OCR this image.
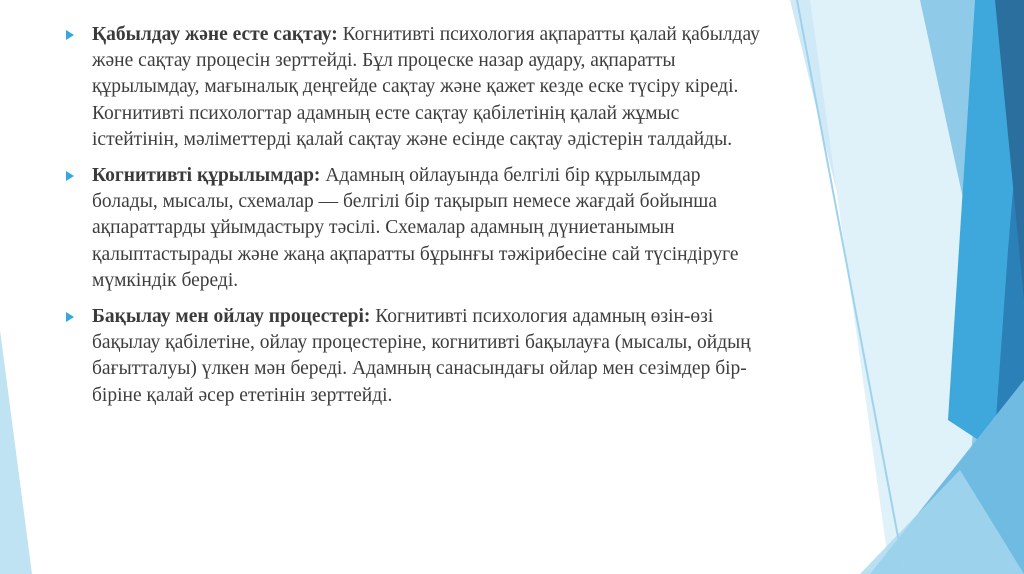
Қабылдау және есте сақтау: Когнитивті психология ақпаратты қалай қабылдау және сақтау процесін зерттейді. Бұл процеске назар аудару, ақпаратты құрылымдау, мағыналық деңгейде сақтау және қажет кезде еске түсіру кіреді. Когнитивті психологтар адамның есте сақтау қабілетінің қалай жұмыс істейтінін, мәліметтерді қалай сақтау және есінде сақтау әдістерін талдайды.
Когнитивті құрылымдар: Адамның ойлауында белгілі бір құрылымдар болады, мысалы, схемалар — белгілі бір тақырып немесе жағдай бойынша ақпараттарды ұйымдастыру тәсілі. Схемалар адамның дүниетанымын қалыптастырады және жаңа ақпаратты бұрынғы тәжірибесіне сай түсіндіруге мүмкіндік береді.
Бақылау мен ойлау процестері: Когнитивті психология адамның өзін-өзі бақылау қабілетіне, ойлау процестеріне, когнитивті бақылауға (мысалы, ойдың бағытталуы) үлкен мән береді. Адамның санасындағы ойлар мен сезімдер бір-біріне қалай әсер ететінін зерттейді.
